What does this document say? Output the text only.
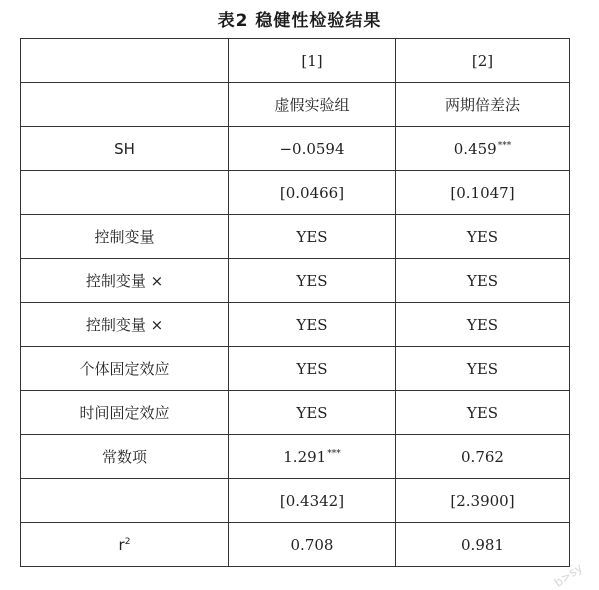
表2 稳健性检验结果
	[1]	[2]
	虚假实验组	两期倍差法
SH	−0.0594	0.459***
	[0.0466]	[0.1047]
控制变量	YES	YES
控制变量 ×	YES	YES
控制变量 ×	YES	YES
个体固定效应	YES	YES
时间固定效应	YES	YES
常数项	1.291***	0.762
	[0.4342]	[2.3900]
$r^2$	0.708	0.981
b>sy
